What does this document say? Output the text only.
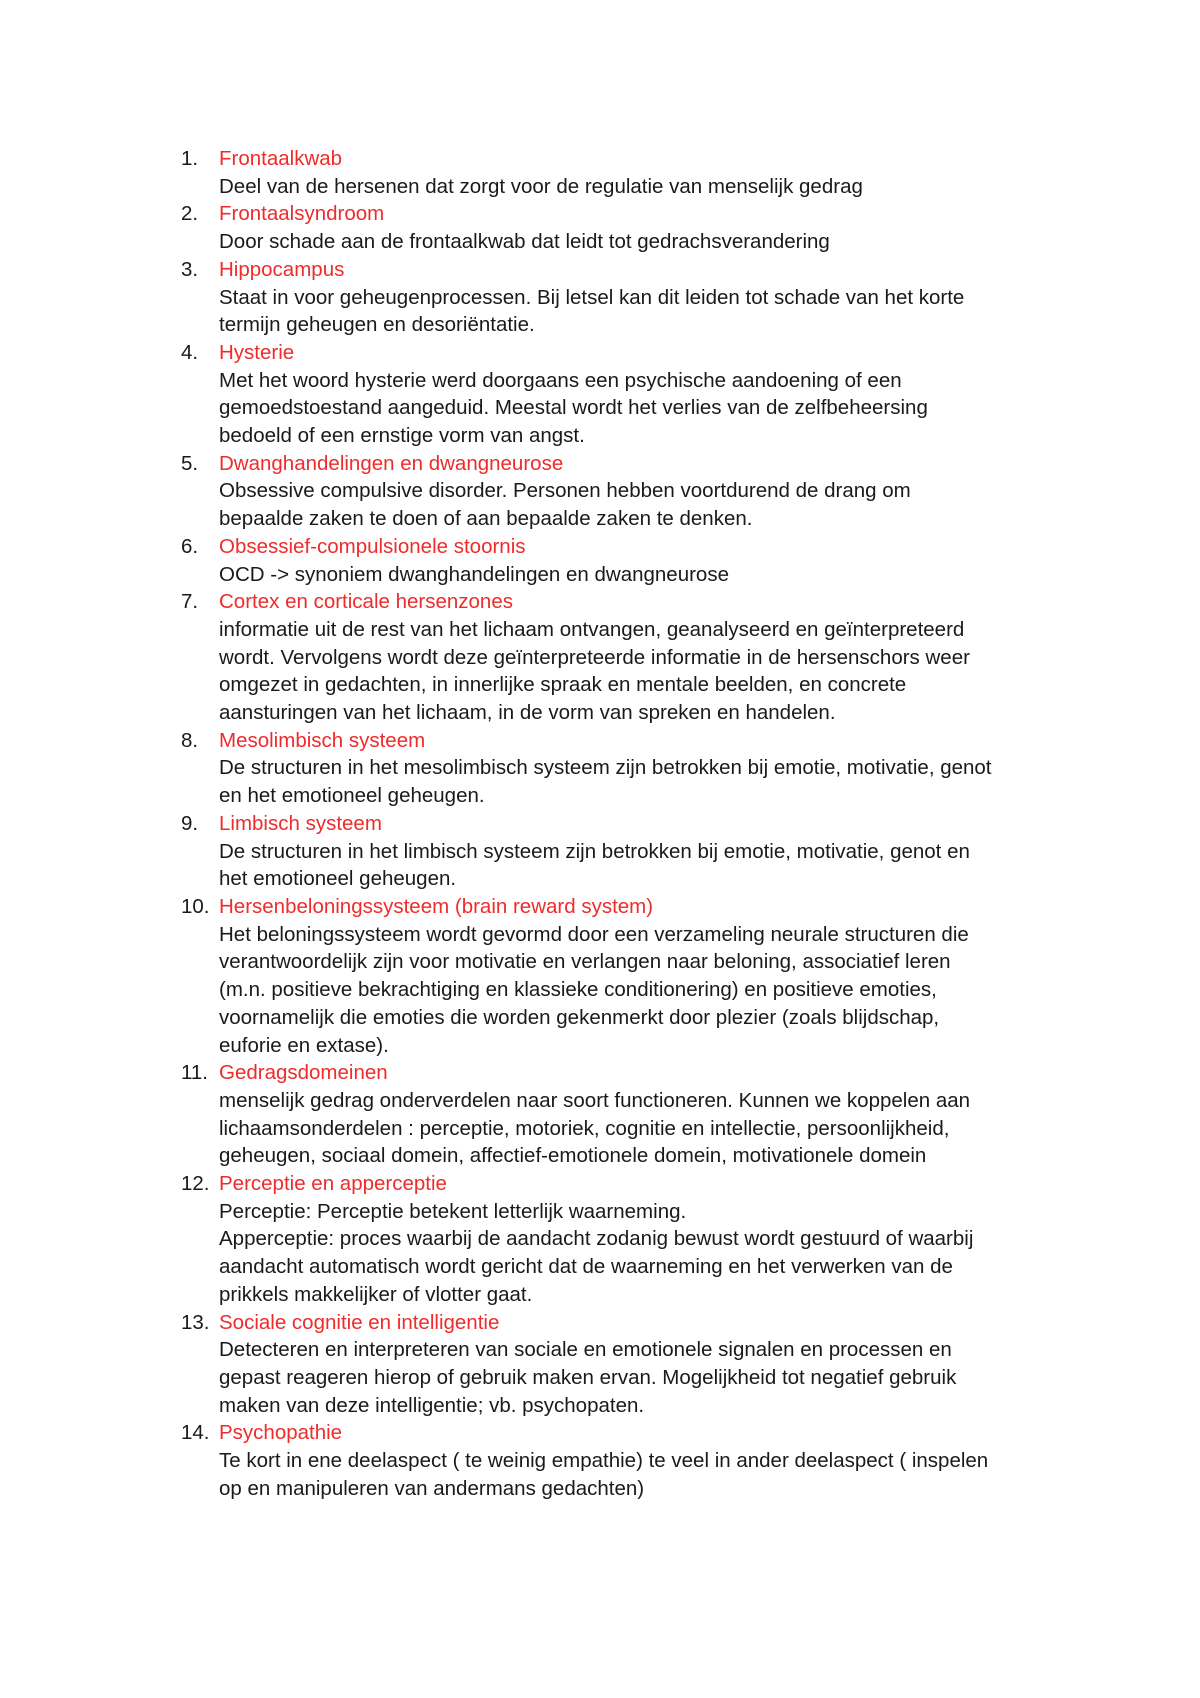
1. Frontaalkwab
Deel van de hersenen dat zorgt voor de regulatie van menselijk gedrag
2. Frontaalsyndroom
Door schade aan de frontaalkwab dat leidt tot gedrachsverandering
3. Hippocampus
Staat in voor geheugenprocessen. Bij letsel kan dit leiden tot schade van het korte
termijn geheugen en desoriëntatie.
4. Hysterie
Met het woord hysterie werd doorgaans een psychische aandoening of een
gemoedstoestand aangeduid. Meestal wordt het verlies van de zelfbeheersing
bedoeld of een ernstige vorm van angst.
5. Dwanghandelingen en dwangneurose
Obsessive compulsive disorder. Personen hebben voortdurend de drang om
bepaalde zaken te doen of aan bepaalde zaken te denken.
6. Obsessief-compulsionele stoornis
OCD -> synoniem dwanghandelingen en dwangneurose
7. Cortex en corticale hersenzones
informatie uit de rest van het lichaam ontvangen, geanalyseerd en geïnterpreteerd
wordt. Vervolgens wordt deze geïnterpreteerde informatie in de hersenschors weer
omgezet in gedachten, in innerlijke spraak en mentale beelden, en concrete
aansturingen van het lichaam, in de vorm van spreken en handelen.
8. Mesolimbisch systeem
De structuren in het mesolimbisch systeem zijn betrokken bij emotie, motivatie, genot
en het emotioneel geheugen.
9. Limbisch systeem
De structuren in het limbisch systeem zijn betrokken bij emotie, motivatie, genot en
het emotioneel geheugen.
10. Hersenbeloningssysteem (brain reward system)
Het beloningssysteem wordt gevormd door een verzameling neurale structuren die
verantwoordelijk zijn voor motivatie en verlangen naar beloning, associatief leren
(m.n. positieve bekrachtiging en klassieke conditionering) en positieve emoties,
voornamelijk die emoties die worden gekenmerkt door plezier (zoals blijdschap,
euforie en extase).
11. Gedragsdomeinen
menselijk gedrag onderverdelen naar soort functioneren. Kunnen we koppelen aan
lichaamsonderdelen : perceptie, motoriek, cognitie en intellectie, persoonlijkheid,
geheugen, sociaal domein, affectief-emotionele domein, motivationele domein
12. Perceptie en apperceptie
Perceptie: Perceptie betekent letterlijk waarneming.
Apperceptie: proces waarbij de aandacht zodanig bewust wordt gestuurd of waarbij
aandacht automatisch wordt gericht dat de waarneming en het verwerken van de
prikkels makkelijker of vlotter gaat.
13. Sociale cognitie en intelligentie
Detecteren en interpreteren van sociale en emotionele signalen en processen en
gepast reageren hierop of gebruik maken ervan. Mogelijkheid tot negatief gebruik
maken van deze intelligentie; vb. psychopaten.
14. Psychopathie
Te kort in ene deelaspect ( te weinig empathie) te veel in ander deelaspect ( inspelen
op en manipuleren van andermans gedachten)
